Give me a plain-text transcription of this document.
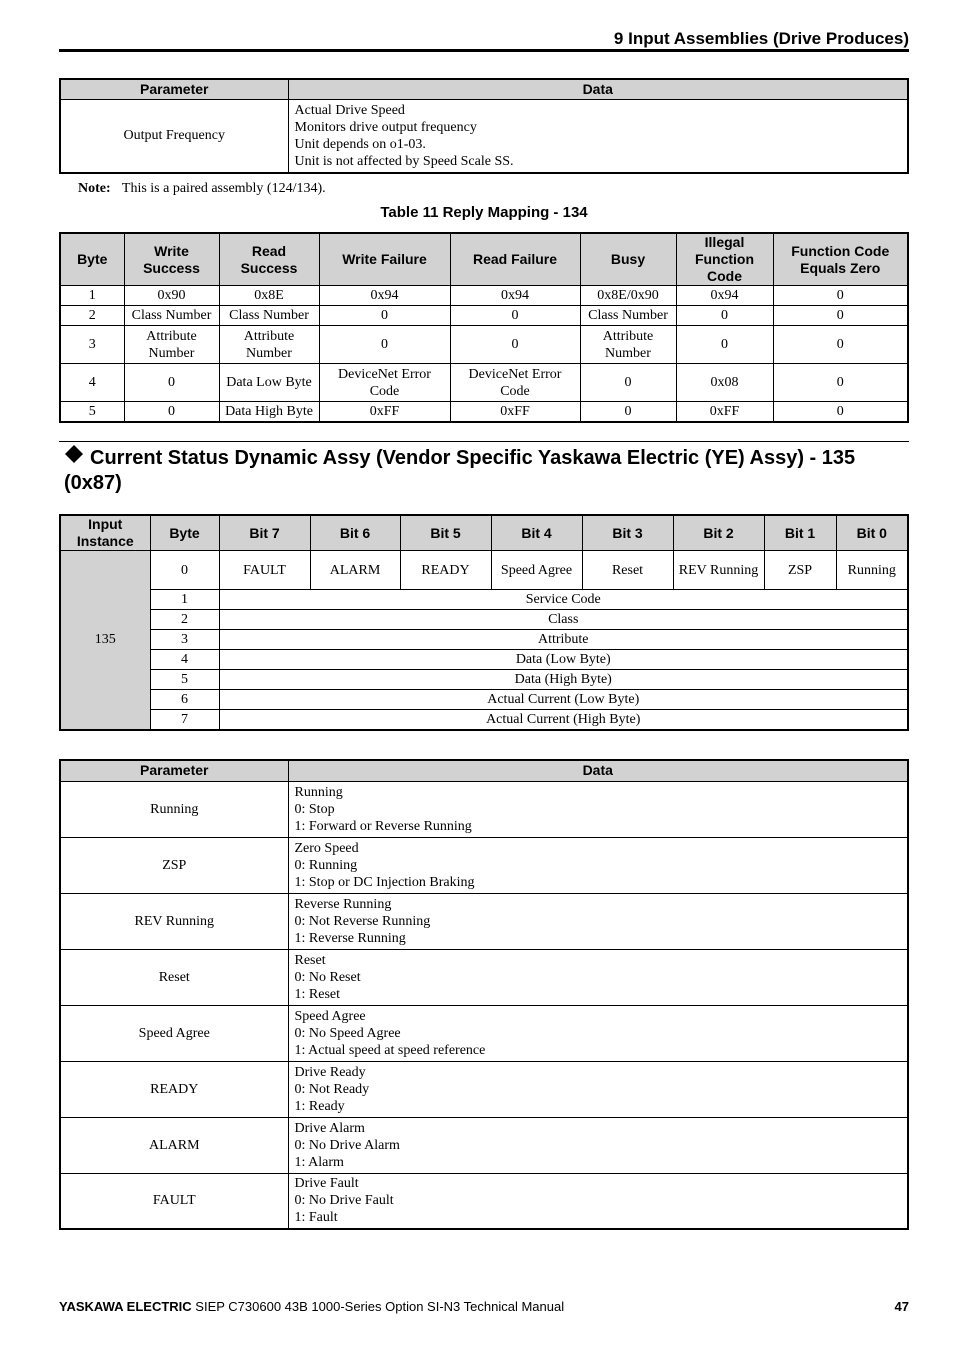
9 Input Assemblies (Drive Produces)
Parameter	Data
Output Frequency	Actual Drive Speed
Monitors drive output frequency
Unit depends on o1-03.
Unit is not affected by Speed Scale SS.
Note: This is a paired assembly (124/134).
Table 11 Reply Mapping - 134
Byte	Write Success	Read Success	Write Failure	Read Failure	Busy	Illegal Function Code	Function Code Equals Zero
1	0x90	0x8E	0x94	0x94	0x8E/0x90	0x94	0
2	Class Number	Class Number	0	0	Class Number	0	0
3	Attribute Number	Attribute Number	0	0	Attribute Number	0	0
4	0	Data Low Byte	DeviceNet Error Code	DeviceNet Error Code	0	0x08	0
5	0	Data High Byte	0xFF	0xFF	0	0xFF	0
Current Status Dynamic Assy (Vendor Specific Yaskawa Electric (YE) Assy) - 135 (0x87)
Input Instance	Byte	Bit 7	Bit 6	Bit 5	Bit 4	Bit 3	Bit 2	Bit 1	Bit 0
135	0	FAULT	ALARM	READY	Speed Agree	Reset	REV Running	ZSP	Running
	1	Service Code							
	2	Class							
	3	Attribute							
	4	Data (Low Byte)							
	5	Data (High Byte)							
	6	Actual Current (Low Byte)							
	7	Actual Current (High Byte)							
Parameter	Data
Running	Running
0: Stop
1: Forward or Reverse Running

ZSP	Zero Speed
0: Running
1: Stop or DC Injection Braking

REV Running	Reverse Running
0: Not Reverse Running
1: Reverse Running

Reset	Reset
0: No Reset
1: Reset

Speed Agree	Speed Agree
0: No Speed Agree
1: Actual speed at speed reference

READY	Drive Ready
0: Not Ready
1: Ready

ALARM	Drive Alarm
0: No Drive Alarm
1: Alarm

FAULT	Drive Fault
0: No Drive Fault
1: Fault
YASKAWA ELECTRIC SIEP C730600 43B 1000-Series Option SI-N3 Technical Manual	47
